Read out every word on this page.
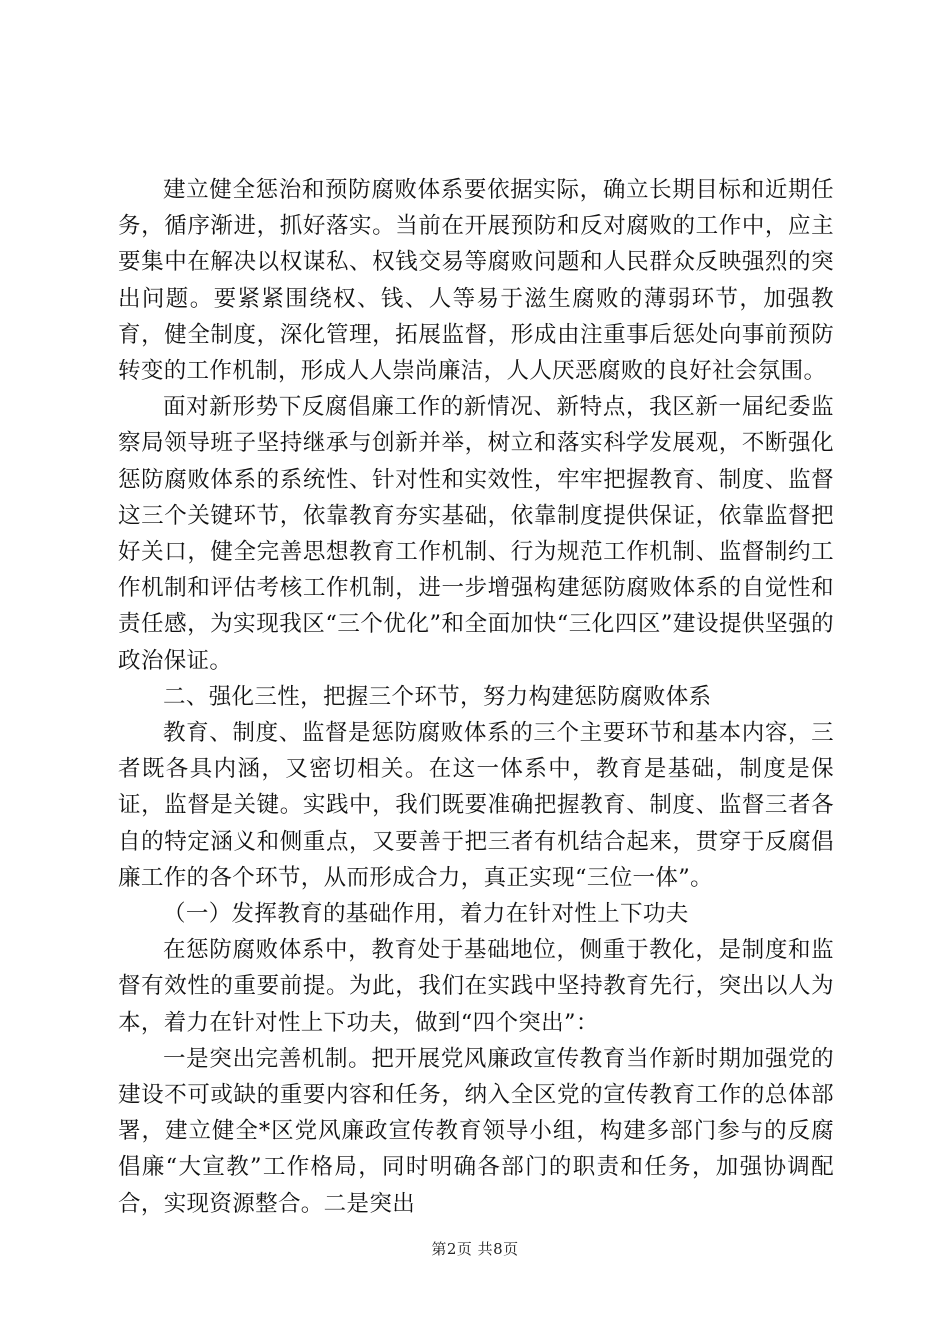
建立健全惩治和预防腐败体系要依据实际，确立长期目标和近期任务，循序渐进，抓好落实。当前在开展预防和反对腐败的工作中，应主要集中在解决以权谋私、权钱交易等腐败问题和人民群众反映强烈的突出问题。要紧紧围绕权、钱、人等易于滋生腐败的薄弱环节，加强教育，健全制度，深化管理，拓展监督，形成由注重事后惩处向事前预防转变的工作机制，形成人人崇尚廉洁，人人厌恶腐败的良好社会氛围。

面对新形势下反腐倡廉工作的新情况、新特点，我区新一届纪委监察局领导班子坚持继承与创新并举，树立和落实科学发展观，不断强化惩防腐败体系的系统性、针对性和实效性，牢牢把握教育、制度、监督这三个关键环节，依靠教育夯实基础，依靠制度提供保证，依靠监督把好关口，健全完善思想教育工作机制、行为规范工作机制、监督制约工作机制和评估考核工作机制，进一步增强构建惩防腐败体系的自觉性和责任感，为实现我区“三个优化”和全面加快“三化四区”建设提供坚强的政治保证。

二、强化三性，把握三个环节，努力构建惩防腐败体系

教育、制度、监督是惩防腐败体系的三个主要环节和基本内容，三者既各具内涵，又密切相关。在这一体系中，教育是基础，制度是保证，监督是关键。实践中，我们既要准确把握教育、制度、监督三者各自的特定涵义和侧重点，又要善于把三者有机结合起来，贯穿于反腐倡廉工作的各个环节，从而形成合力，真正实现“三位一体”。

（一）发挥教育的基础作用，着力在针对性上下功夫

在惩防腐败体系中，教育处于基础地位，侧重于教化，是制度和监督有效性的重要前提。为此，我们在实践中坚持教育先行，突出以人为本，着力在针对性上下功夫，做到“四个突出”：

一是突出完善机制。把开展党风廉政宣传教育当作新时期加强党的建设不可或缺的重要内容和任务，纳入全区党的宣传教育工作的总体部署，建立健全*区党风廉政宣传教育领导小组，构建多部门参与的反腐倡廉“大宣教”工作格局，同时明确各部门的职责和任务，加强协调配合，实现资源整合。二是突出

第2页 共8页
